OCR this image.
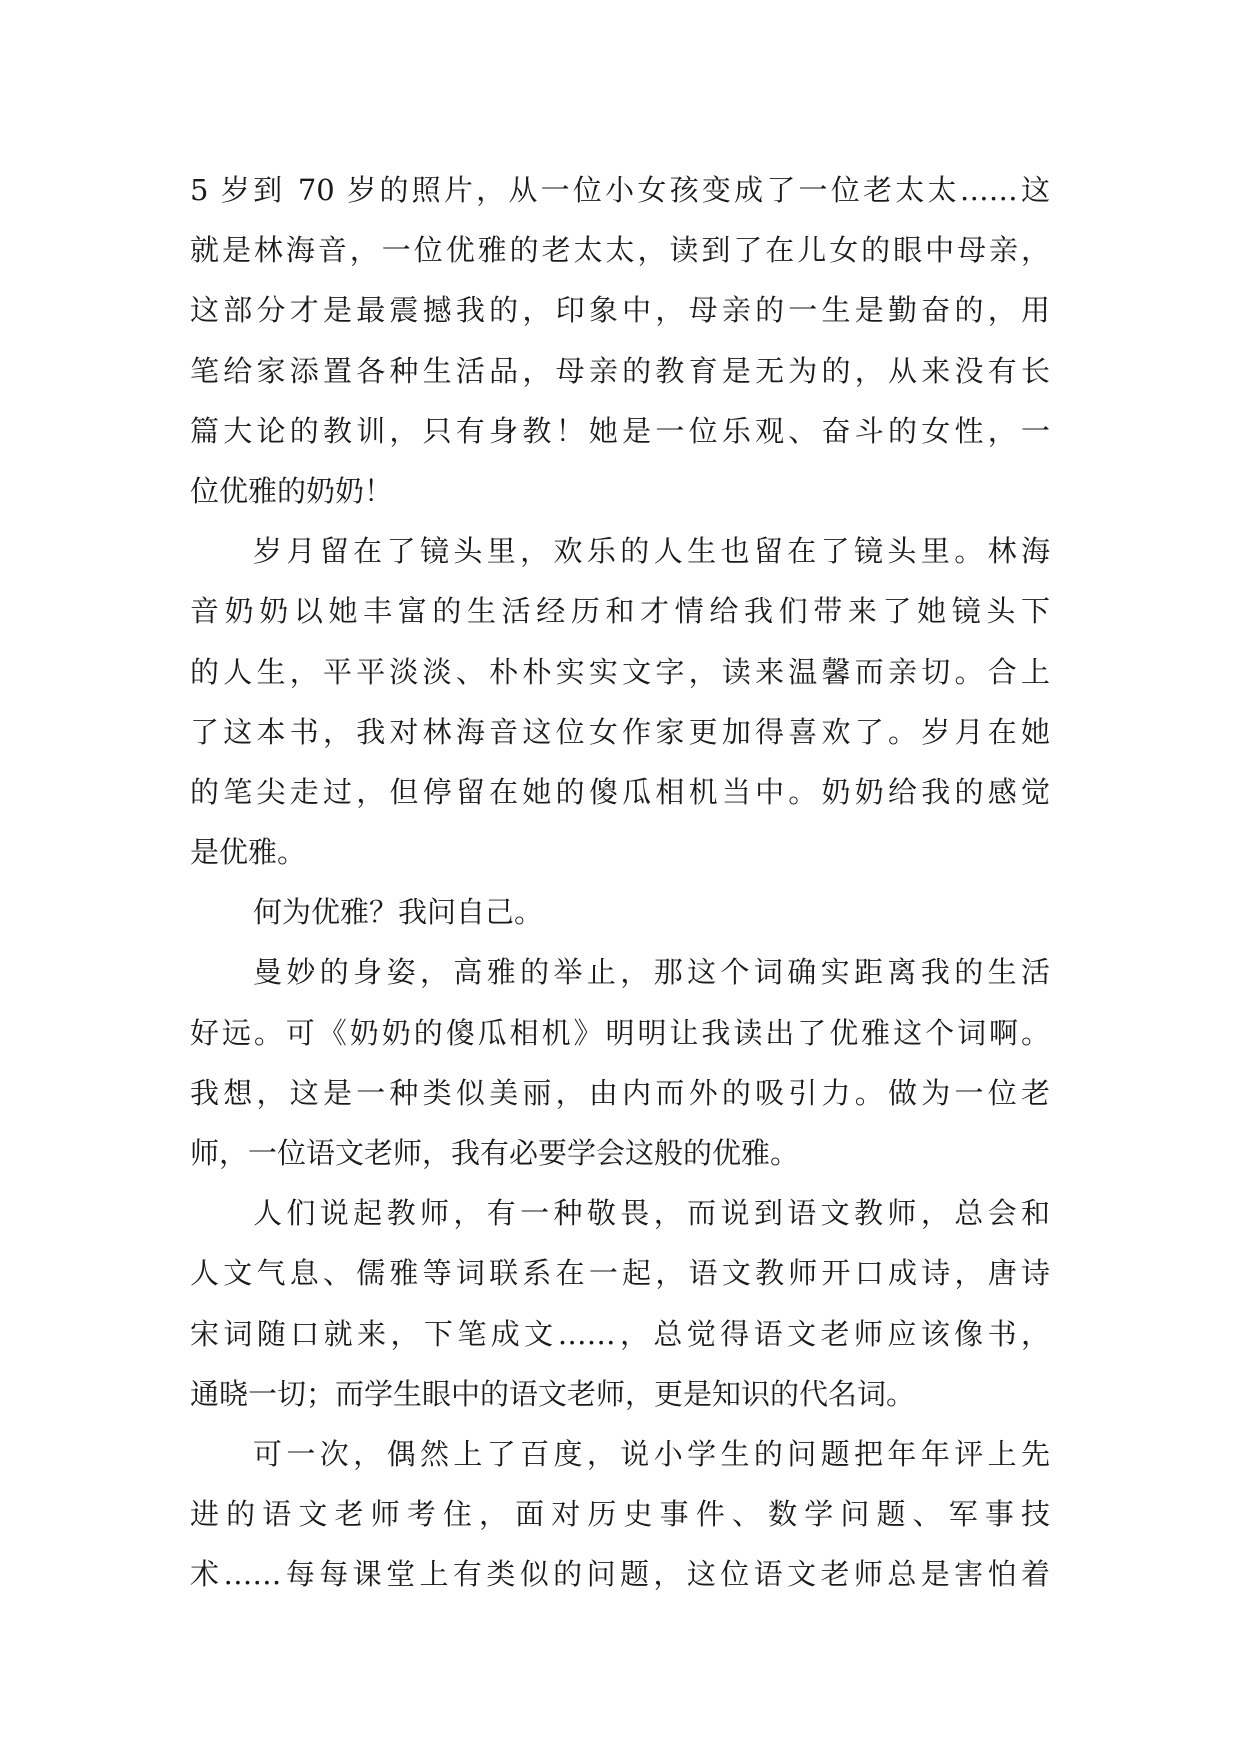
5 岁到 70 岁的照片，从一位小女孩变成了一位老太太……这
就是林海音，一位优雅的老太太，读到了在儿女的眼中母亲，
这部分才是最震撼我的，印象中，母亲的一生是勤奋的，用
笔给家添置各种生活品，母亲的教育是无为的，从来没有长
篇大论的教训，只有身教！她是一位乐观、奋斗的女性，一
位优雅的奶奶！
岁月留在了镜头里，欢乐的人生也留在了镜头里。林海
音奶奶以她丰富的生活经历和才情给我们带来了她镜头下
的人生，平平淡淡、朴朴实实文字，读来温馨而亲切。合上
了这本书，我对林海音这位女作家更加得喜欢了。岁月在她
的笔尖走过，但停留在她的傻瓜相机当中。奶奶给我的感觉
是优雅。
何为优雅？我问自己。
曼妙的身姿，高雅的举止，那这个词确实距离我的生活
好远。可《奶奶的傻瓜相机》明明让我读出了优雅这个词啊。
我想，这是一种类似美丽，由内而外的吸引力。做为一位老
师，一位语文老师，我有必要学会这般的优雅。
人们说起教师，有一种敬畏，而说到语文教师，总会和
人文气息、儒雅等词联系在一起，语文教师开口成诗，唐诗
宋词随口就来，下笔成文……，总觉得语文老师应该像书，
通晓一切；而学生眼中的语文老师，更是知识的代名词。
可一次，偶然上了百度，说小学生的问题把年年评上先
进的语文老师考住，面对历史事件、数学问题、军事技
术……每每课堂上有类似的问题，这位语文老师总是害怕着
